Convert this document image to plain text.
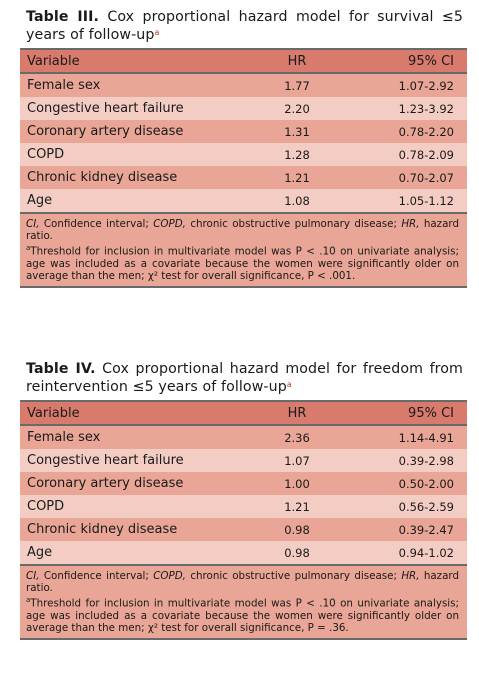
Table III. Cox proportional hazard model for survival ≤5 years of follow-$up^a$

Variable	HR	95% CI
Female sex	1.77	1.07-2.92
Congestive heart failure	2.20	1.23-3.92
Coronary artery disease	1.31	0.78-2.20
COPD	1.28	0.78-2.09
Chronic kidney disease	1.21	0.70-2.07
Age	1.08	1.05-1.12
CI, Confidence interval; COPD, chronic obstructive pulmonary disease; HR, hazard ratio.
$^a$Threshold for inclusion in multivariate model was P < .10 on univariate analysis; age was included as a covariate because the women were significantly older on average than the men; χ² test for overall significance, P < .001.

Table IV. Cox proportional hazard model for freedom from reintervention ≤5 years of follow-$up^a$

Variable	HR	95% CI
Female sex	2.36	1.14-4.91
Congestive heart failure	1.07	0.39-2.98
Coronary artery disease	1.00	0.50-2.00
COPD	1.21	0.56-2.59
Chronic kidney disease	0.98	0.39-2.47
Age	0.98	0.94-1.02
CI, Confidence interval; COPD, chronic obstructive pulmonary disease; HR, hazard ratio.
$^a$Threshold for inclusion in multivariate model was P < .10 on univariate analysis; age was included as a covariate because the women were significantly older on average than the men; χ² test for overall significance, P = .36.
